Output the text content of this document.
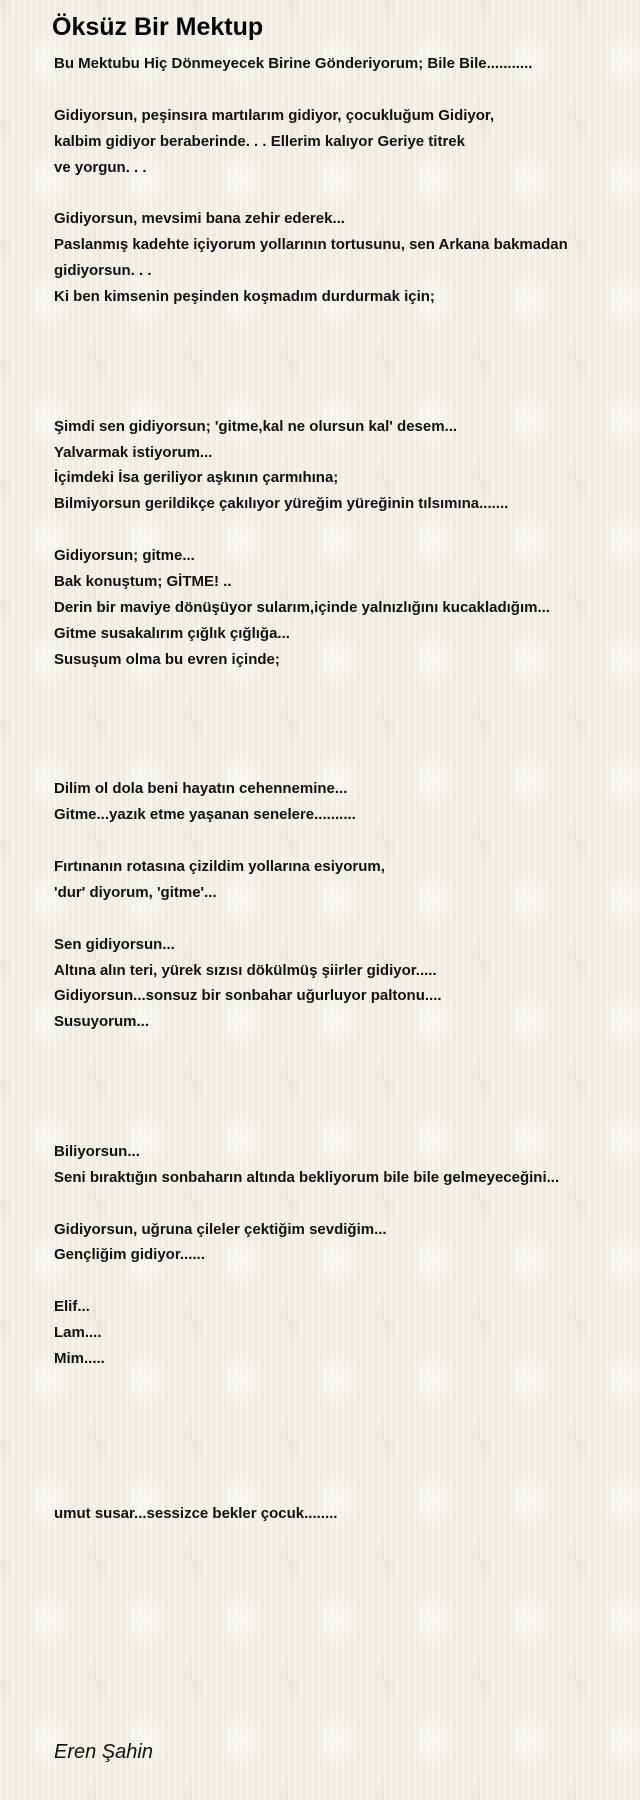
Öksüz Bir Mektup
Bu Mektubu Hiç Dönmeyecek Birine Gönderiyorum; Bile Bile...........
Gidiyorsun, peşinsıra martılarım gidiyor, çocukluğum Gidiyor,
kalbim gidiyor beraberinde. . . Ellerim kalıyor Geriye titrek
ve yorgun. . .
Gidiyorsun, mevsimi bana zehir ederek...
Paslanmış kadehte içiyorum yollarının tortusunu, sen Arkana bakmadan
gidiyorsun. . .
Ki ben kimsenin peşinden koşmadım durdurmak için;
Şimdi sen gidiyorsun; 'gitme,kal ne olursun kal' desem...
Yalvarmak istiyorum...
İçimdeki İsa geriliyor aşkının çarmıhına;
Bilmiyorsun gerildikçe çakılıyor yüreğim yüreğinin tılsımına.......
Gidiyorsun; gitme...
Bak konuştum; GİTME! ..
Derin bir maviye dönüşüyor sularım,içinde yalnızlığını kucakladığım...
Gitme susakalırım çığlık çığlığa...
Susuşum olma bu evren içinde;
Dilim ol dola beni hayatın cehennemine...
Gitme...yazık etme yaşanan senelere..........
Fırtınanın rotasına çizildim yollarına esiyorum,
'dur' diyorum, 'gitme'...
Sen gidiyorsun...
Altına alın teri, yürek sızısı dökülmüş şiirler gidiyor.....
Gidiyorsun...sonsuz bir sonbahar uğurluyor paltonu....
Susuyorum...
Biliyorsun...
Seni bıraktığın sonbaharın altında bekliyorum bile bile gelmeyeceğini...
Gidiyorsun, uğruna çileler çektiğim sevdiğim...
Gençliğim gidiyor......
Elif...
Lam....
Mim.....
umut susar...sessizce bekler çocuk........
Eren Şahin
